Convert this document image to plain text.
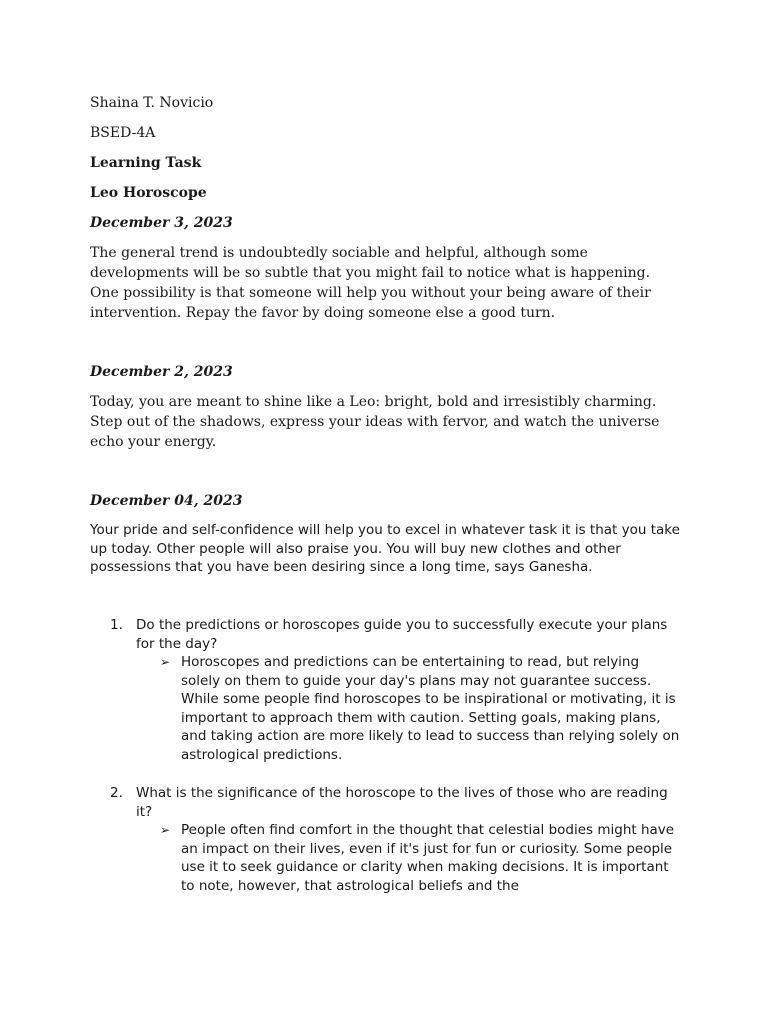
Shaina T. Novicio

BSED-4A

Learning Task

Leo Horoscope

December 3, 2023

The general trend is undoubtedly sociable and helpful, although some developments will be so subtle that you might fail to notice what is happening. One possibility is that someone will help you without your being aware of their intervention. Repay the favor by doing someone else a good turn.

December 2, 2023

Today, you are meant to shine like a Leo: bright, bold and irresistibly charming. Step out of the shadows, express your ideas with fervor, and watch the universe echo your energy.

December 04, 2023

Your pride and self-confidence will help you to excel in whatever task it is that you take up today. Other people will also praise you. You will buy new clothes and other possessions that you have been desiring since a long time, says Ganesha.

1. Do the predictions or horoscopes guide you to successfully execute your plans for the day?

➢ Horoscopes and predictions can be entertaining to read, but relying solely on them to guide your day's plans may not guarantee success. While some people find horoscopes to be inspirational or motivating, it is important to approach them with caution. Setting goals, making plans, and taking action are more likely to lead to success than relying solely on astrological predictions.

2. What is the significance of the horoscope to the lives of those who are reading it?

➢ People often find comfort in the thought that celestial bodies might have an impact on their lives, even if it's just for fun or curiosity. Some people use it to seek guidance or clarity when making decisions. It is important to note, however, that astrological beliefs and the
